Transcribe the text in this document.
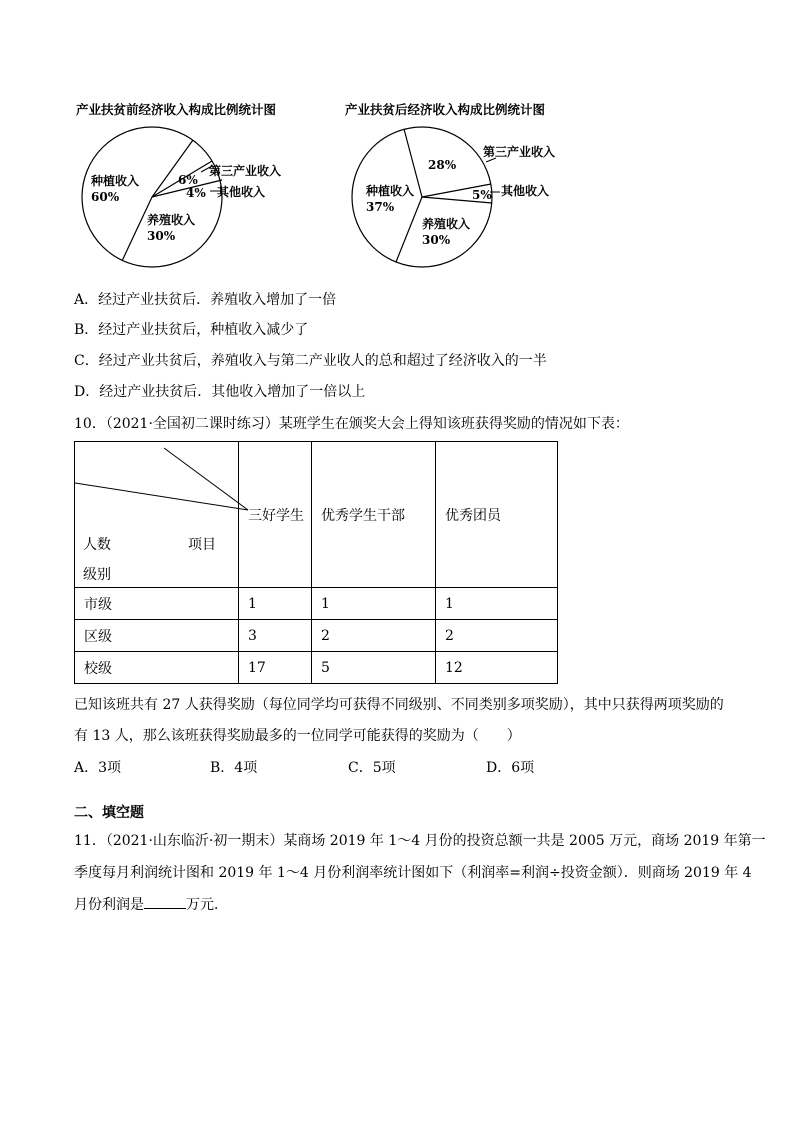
产业扶贫前经济收入构成比例统计图	产业扶贫后经济收入构成比例统计图
种植收入
60%
6%
第三产业收入
4% 其他收入
养殖收入
30%
28%
第三产业收入
种植收入
37%
5% 其他收入
养殖收入
30%
A．经过产业扶贫后．养殖收入增加了一倍
B．经过产业扶贫后，种植收入减少了
C．经过产业共贫后，养殖收入与第二产业收人的总和超过了经济收入的一半
D．经过产业扶贫后．其他收入增加了一倍以上
10．（2021·全国初二课时练习）某班学生在颁奖大会上得知该班获得奖励的情况如下表：
项目
人数
级别	三好学生	优秀学生干部	优秀团员
市级	1	1	1
区级	3	2	2
校级	17	5	12
已知该班共有 27 人获得奖励（每位同学均可获得不同级别、不同类别多项奖励），其中只获得两项奖励的
有 13 人，那么该班获得奖励最多的一位同学可能获得的奖励为（　　）
A．3项	B．4项	C．5项	D．6项
二、填空题
11．（2021·山东临沂·初一期末）某商场 2019 年 1～4 月份的投资总额一共是 2005 万元，商场 2019 年第一
季度每月利润统计图和 2019 年 1～4 月份利润率统计图如下（利润率=利润÷投资金额）．则商场 2019 年 4
月份利润是	万元．
